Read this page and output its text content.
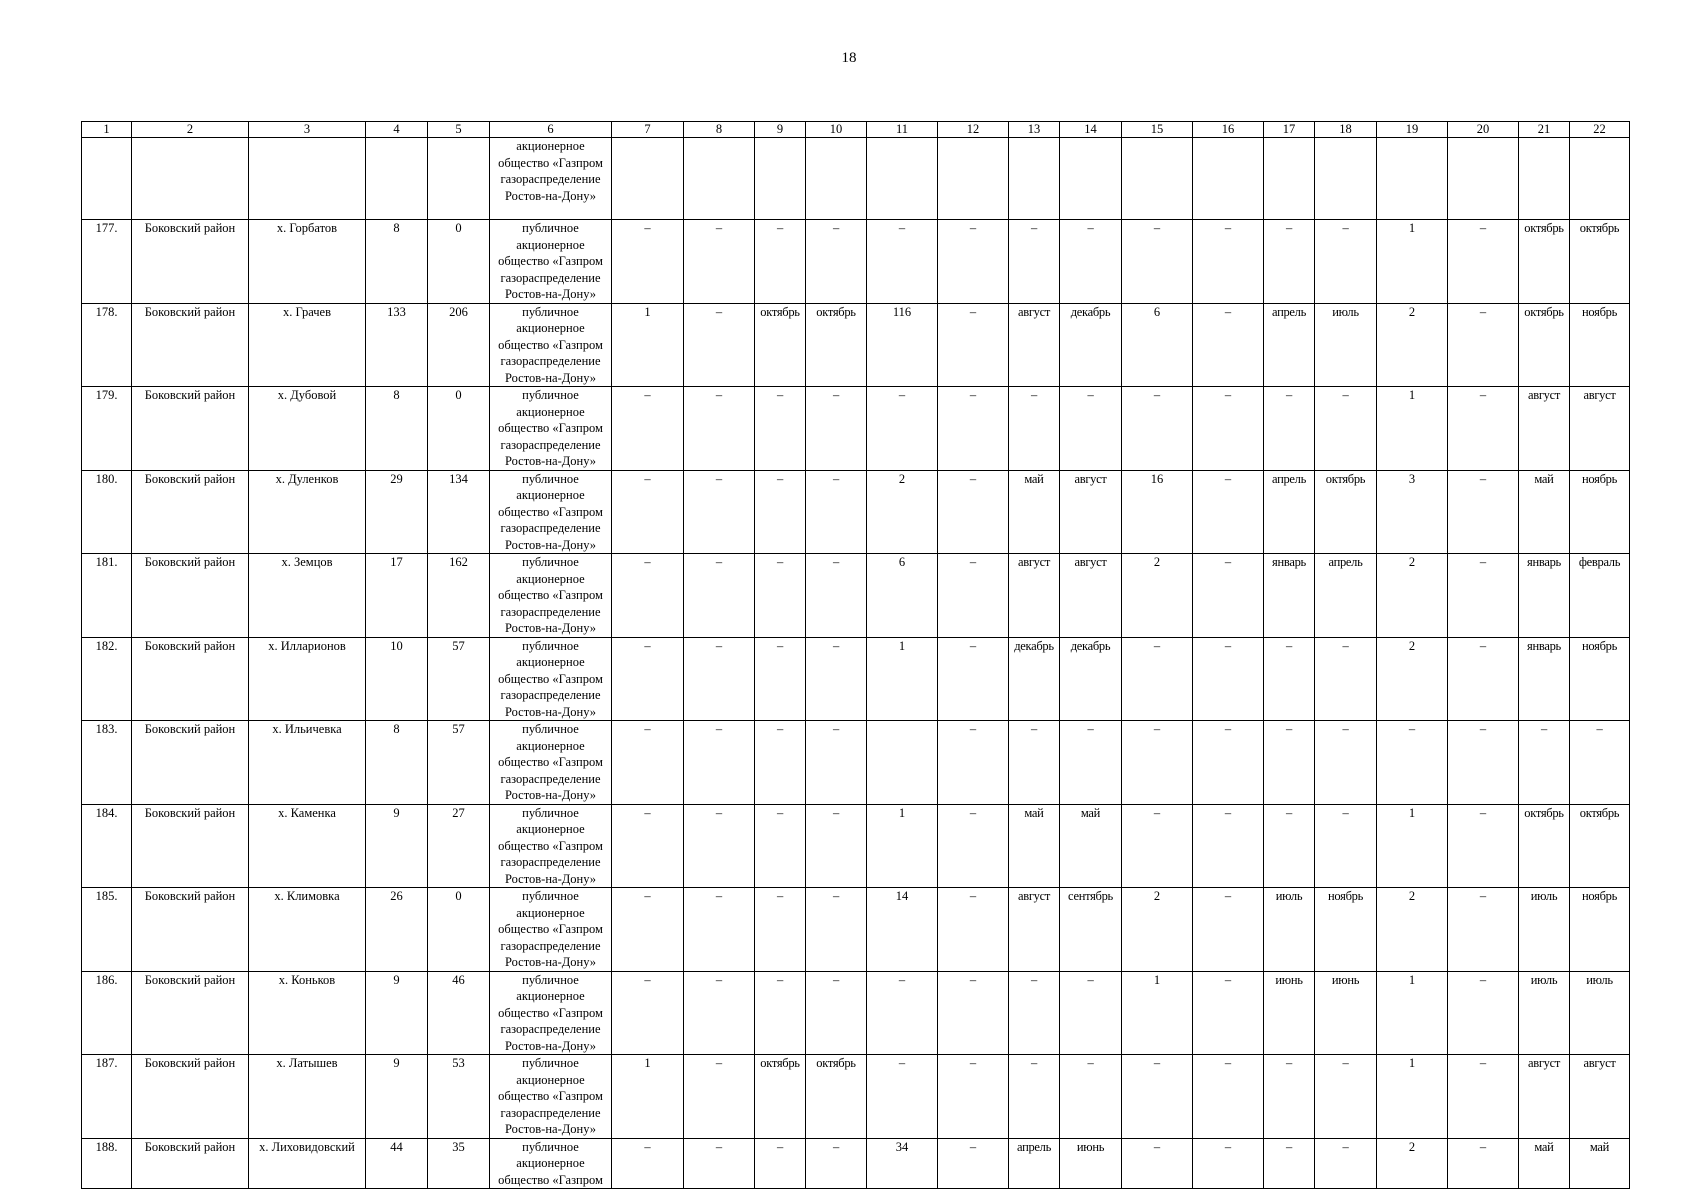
18
1	2	3	4	5	6	7	8	9	10	11	12	13	14	15	16	17	18	19	20	21	22

					акционерное
общество «Газпром
газораспределение
Ростов-на-Дону»																

177.	Боковский район	х. Горбатов	8	0	публичное
акционерное
общество «Газпром
газораспределение
Ростов-на-Дону»	–	–	–	–	–	–	–	–	–	–	–	–	1	–	октябрь	октябрь
178.	Боковский район	х. Грачев	133	206	публичное
акционерное
общество «Газпром
газораспределение
Ростов-на-Дону»	1	–	октябрь	октябрь	116	–	август	декабрь	6	–	апрель	июль	2	–	октябрь	ноябрь
179.	Боковский район	х. Дубовой	8	0	публичное
акционерное
общество «Газпром
газораспределение
Ростов-на-Дону»	–	–	–	–	–	–	–	–	–	–	–	–	1	–	август	август
180.	Боковский район	х. Дуленков	29	134	публичное
акционерное
общество «Газпром
газораспределение
Ростов-на-Дону»	–	–	–	–	2	–	май	август	16	–	апрель	октябрь	3	–	май	ноябрь
181.	Боковский район	х. Земцов	17	162	публичное
акционерное
общество «Газпром
газораспределение
Ростов-на-Дону»	–	–	–	–	6	–	август	август	2	–	январь	апрель	2	–	январь	февраль
182.	Боковский район	х. Илларионов	10	57	публичное
акционерное
общество «Газпром
газораспределение
Ростов-на-Дону»	–	–	–	–	1	–	декабрь	декабрь	–	–	–	–	2	–	январь	ноябрь
183.	Боковский район	х. Ильичевка	8	57	публичное
акционерное
общество «Газпром
газораспределение
Ростов-на-Дону»	–	–	–	–		–	–	–	–	–	–	–	–	–	–	–
184.	Боковский район	х. Каменка	9	27	публичное
акционерное
общество «Газпром
газораспределение
Ростов-на-Дону»	–	–	–	–	1	–	май	май	–	–	–	–	1	–	октябрь	октябрь
185.	Боковский район	х. Климовка	26	0	публичное
акционерное
общество «Газпром
газораспределение
Ростов-на-Дону»	–	–	–	–	14	–	август	сентябрь	2	–	июль	ноябрь	2	–	июль	ноябрь
186.	Боковский район	х. Коньков	9	46	публичное
акционерное
общество «Газпром
газораспределение
Ростов-на-Дону»	–	–	–	–	–	–	–	–	1	–	июнь	июнь	1	–	июль	июль
187.	Боковский район	х. Латышев	9	53	публичное
акционерное
общество «Газпром
газораспределение
Ростов-на-Дону»	1	–	октябрь	октябрь	–	–	–	–	–	–	–	–	1	–	август	август
188.	Боковский район	х. Лиховидовский	44	35	публичное
акционерное
общество «Газпром	–	–	–	–	34	–	апрель	июнь	–	–	–	–	2	–	май	май
